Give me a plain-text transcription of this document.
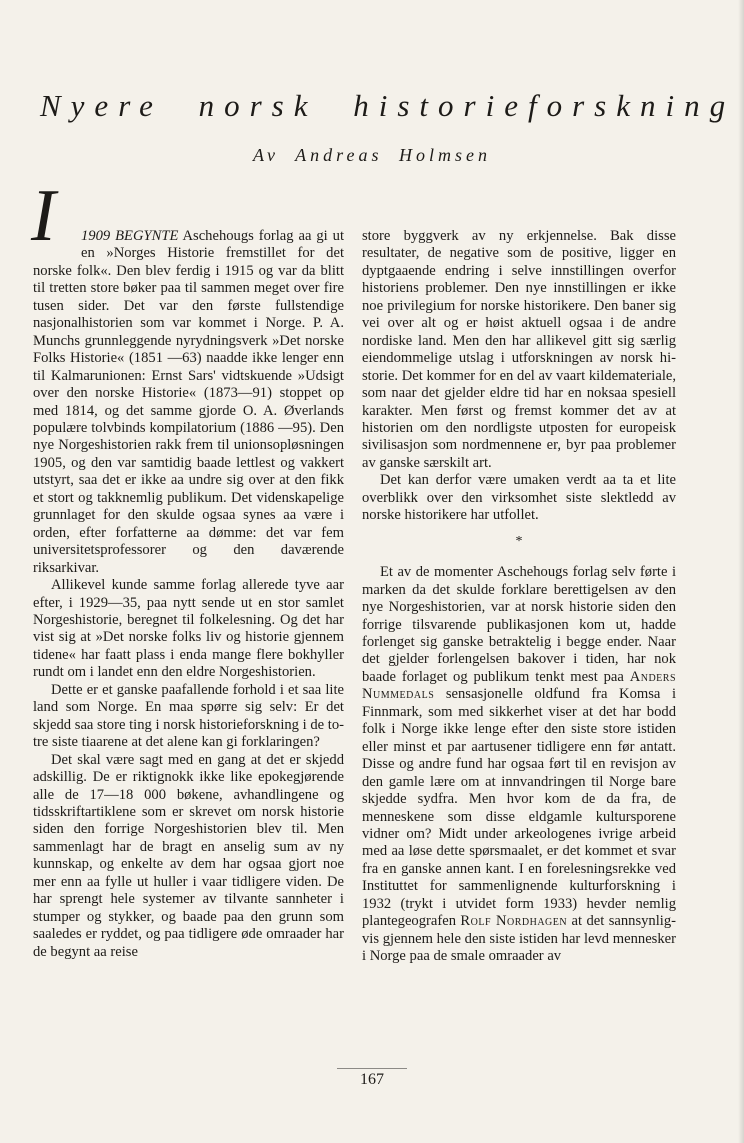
Nyere norsk historieforskning
Av Andreas Holmsen

I	1909 BEGYNTE Aschehougs forlag aa gi ut en »Norges Historie fremstillet for det norske folk«. Den blev ferdig i 1915 og var da blitt til tretten store bøker paa til sammen meget over fire tusen sider. Det var den første fullstendige nasjonalhistorien som var kommet i Norge. P. A. Munchs grunnleggende nyrydningsverk »Det norske Folks Historie« (1851 —63) naadde ikke lenger enn til Kalmarunionen: Ernst Sars' vidtskuende »Udsigt over den norske Historie« (1873—91) stoppet op med 1814, og det samme gjorde O. A. Øverlands populære tolvbinds kompilatorium (1886 —95). Den nye Norgeshistorien rakk frem til unionsopløsningen 1905, og den var samtidig baade lettlest og vakkert utstyrt, saa det er ikke aa undre sig over at den fikk et stort og takknemlig publikum. Det videnskapelige grunnlaget for den skulde ogsaa synes aa være i orden, efter forfatterne aa dømme: det var fem universitetsprofessorer og den daværende riksarkivar.

Allikevel kunde samme forlag allerede tyve aar efter, i 1929—35, paa nytt sende ut en stor samlet Norgeshistorie, beregnet til folkelesning. Og det har vist sig at »Det norske folks liv og historie gjennem tidene« har faatt plass i enda mange flere bokhyller rundt om i landet enn den eldre Norgeshistorien.

Dette er et ganske paafallende forhold i et saa lite land som Norge. En maa spørre sig selv: Er det skjedd saa store ting i norsk historieforskning i de to-tre siste tiaarene at det alene kan gi forklaringen?

Det skal være sagt med en gang at det er skjedd adskillig. De er riktignokk ikke like epokegjørende alle de 17—18 000 bøkene, avhandlingene og tidsskriftartiklene som er skrevet om norsk historie siden den forrige Norgeshistorien blev til. Men sammenlagt har de bragt en anselig sum av ny kunnskap, og enkelte av dem har ogsaa gjort noe mer enn aa fylle ut huller i vaar tidligere viden. De har sprengt hele systemer av tilvante sannheter i stumper og stykker, og baade paa den grunn som saaledes er ryddet, og paa tidligere øde omraader har de begynt aa reise

store byggverk av ny erkjennelse. Bak disse resultater, de negative som de positive, ligger en dyptgaaende endring i selve innstillingen overfor historiens problemer. Den nye innstillingen er ikke noe privilegium for norske historikere. Den baner sig vei over alt og er høist aktuell ogsaa i de andre nordiske land. Men den har allikevel gitt sig særlig eiendommelige utslag i utforskningen av norsk historie. Det kommer for en del av vaart kildemateriale, som naar det gjelder eldre tid har en noksaa spesiell karakter. Men først og fremst kommer det av at historien om den nordligste utposten for europeisk sivilisasjon som nordmennene er, byr paa problemer av ganske særskilt art.

Det kan derfor være umaken verdt aa ta et lite overblikk over den virksomhet siste slektledd av norske historikere har utfollet.

*

Et av de momenter Aschehougs forlag selv førte i marken da det skulde forklare berettigelsen av den nye Norgeshistorien, var at norsk historie siden den forrige tilsvarende publikasjonen kom ut, hadde forlenget sig ganske betraktelig i begge ender. Naar det gjelder forlengelsen bakover i tiden, har nok baade forlaget og publikum tenkt mest paa Anders Nummedals sensasjonelle oldfund fra Komsa i Finnmark, som med sikkerhet viser at det har bodd folk i Norge ikke lenge efter den siste store istiden eller minst et par aartusener tidligere enn før antatt. Disse og andre fund har ogsaa ført til en revisjon av den gamle lære om at innvandringen til Norge bare skjedde sydfra. Men hvor kom de da fra, de menneskene som disse eldgamle kultursporene vidner om? Midt under arkeologenes ivrige arbeid med aa løse dette spørsmaalet, er det kommet et svar fra en ganske annen kant. I en forelesningsrekke ved Instituttet for sammenlignende kulturforskning i 1932 (trykt i utvidet form 1933) hevder nemlig plantegeografen Rolf Nordhagen at det sannsynligvis gjennem hele den siste istiden har levd mennesker i Norge paa de smale omraader av

167
